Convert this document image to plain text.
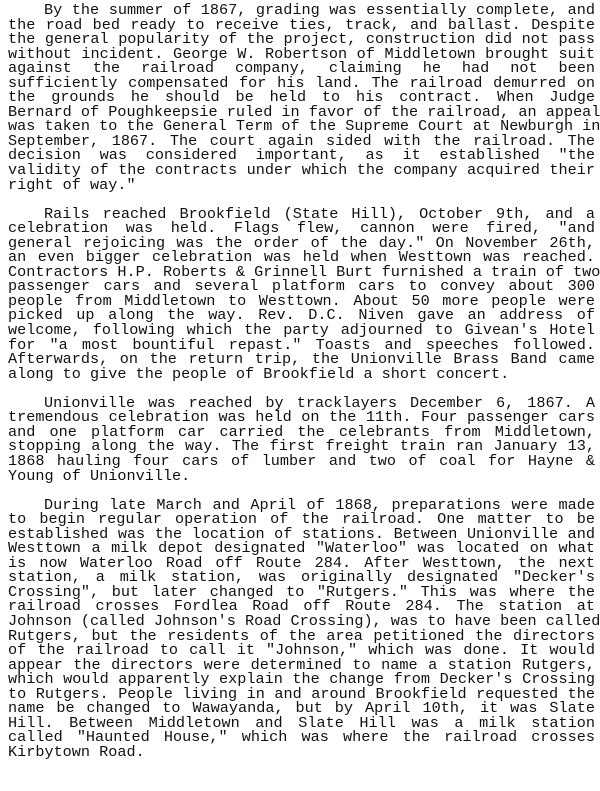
By the summer of 1867, grading was essentially complete, and
the road bed ready to receive ties, track, and ballast. Despite
the general popularity of the project, construction did not pass
without incident. George W. Robertson of Middletown brought suit
against the railroad company, claiming he had not been
sufficiently compensated for his land. The railroad demurred on
the grounds he should be held to his contract. When Judge
Bernard of Poughkeepsie ruled in favor of the railroad, an appeal
was taken to the General Term of the Supreme Court at Newburgh in
September, 1867. The court again sided with the railroad. The
decision was considered important, as it established "the
validity of the contracts under which the company acquired their
right of way."
Rails reached Brookfield (State Hill), October 9th, and a
celebration was held. Flags flew, cannon were fired, "and
general rejoicing was the order of the day." On November 26th,
an even bigger celebration was held when Westtown was reached.
Contractors H.P. Roberts & Grinnell Burt furnished a train of two
passenger cars and several platform cars to convey about 300
people from Middletown to Westtown. About 50 more people were
picked up along the way. Rev. D.C. Niven gave an address of
welcome, following which the party adjourned to Givean's Hotel
for "a most bountiful repast." Toasts and speeches followed.
Afterwards, on the return trip, the Unionville Brass Band came
along to give the people of Brookfield a short concert.
Unionville was reached by tracklayers December 6, 1867. A
tremendous celebration was held on the 11th. Four passenger cars
and one platform car carried the celebrants from Middletown,
stopping along the way. The first freight train ran January 13,
1868 hauling four cars of lumber and two of coal for Hayne &
Young of Unionville.
During late March and April of 1868, preparations were made
to begin regular operation of the railroad. One matter to be
established was the location of stations. Between Unionville and
Westtown a milk depot designated "Waterloo" was located on what
is now Waterloo Road off Route 284. After Westtown, the next
station, a milk station, was originally designated "Decker's
Crossing", but later changed to "Rutgers." This was where the
railroad crosses Fordlea Road off Route 284. The station at
Johnson (called Johnson's Road Crossing), was to have been called
Rutgers, but the residents of the area petitioned the directors
of the railroad to call it "Johnson," which was done. It would
appear the directors were determined to name a station Rutgers,
which would apparently explain the change from Decker's Crossing
to Rutgers. People living in and around Brookfield requested the
name be changed to Wawayanda, but by April 10th, it was Slate
Hill. Between Middletown and Slate Hill was a milk station
called "Haunted House," which was where the railroad crosses
Kirbytown Road.
